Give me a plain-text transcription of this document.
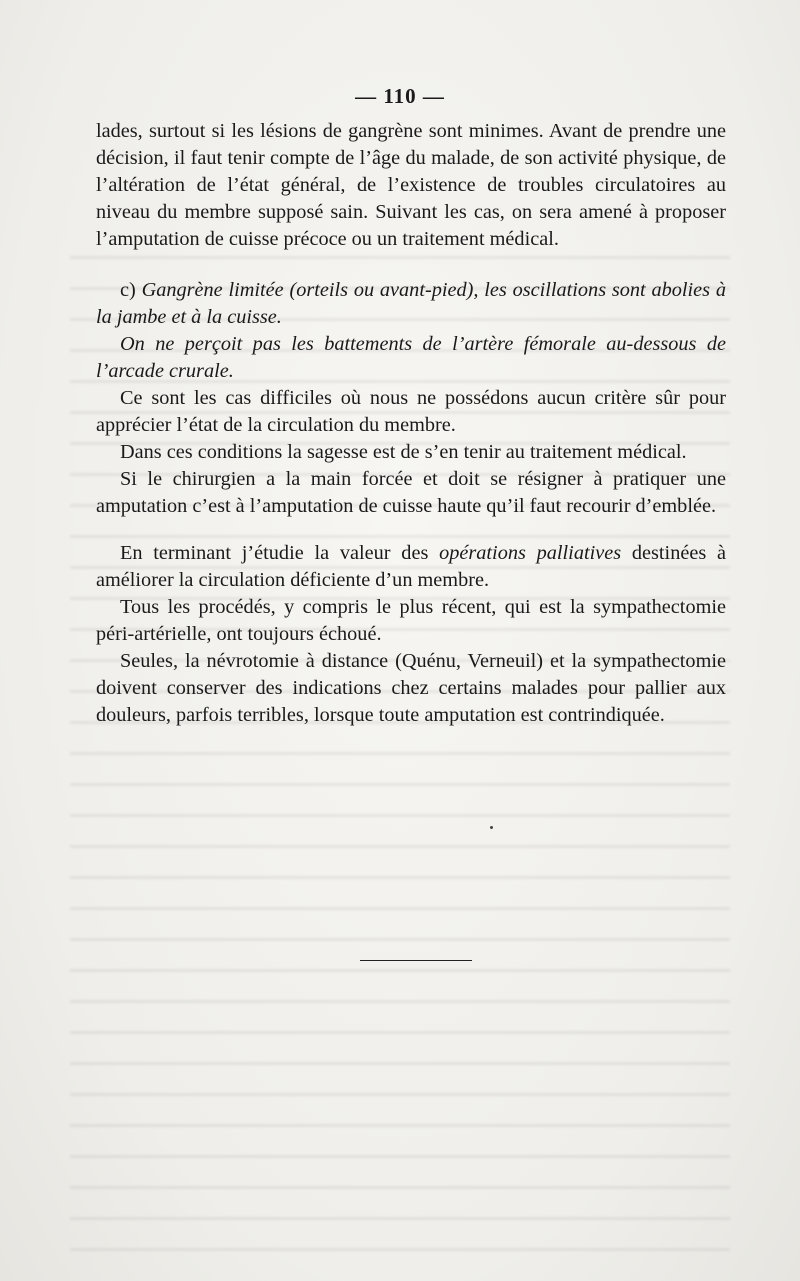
— 110 —

lades, surtout si les lésions de gangrène sont minimes. Avant de prendre une décision, il faut tenir compte de l’âge du malade, de son activité physique, de l’altération de l’état général, de l’existence de troubles circulatoires au niveau du membre supposé sain. Suivant les cas, on sera amené à proposer l’amputation de cuisse précoce ou un traitement médical.

c) Gangrène limitée (orteils ou avant-pied), les oscillations sont abolies à la jambe et à la cuisse.

On ne perçoit pas les battements de l’artère fémorale au-dessous de l’arcade crurale.

Ce sont les cas difficiles où nous ne possédons aucun critère sûr pour apprécier l’état de la circulation du membre.

Dans ces conditions la sagesse est de s’en tenir au traitement médical.

Si le chirurgien a la main forcée et doit se résigner à pratiquer une amputation c’est à l’amputation de cuisse haute qu’il faut recourir d’emblée.

En terminant j’étudie la valeur des opérations palliatives destinées à améliorer la circulation déficiente d’un membre.

Tous les procédés, y compris le plus récent, qui est la sympathectomie péri-artérielle, ont toujours échoué.

Seules, la névrotomie à distance (Quénu, Verneuil) et la sympathectomie doivent conserver des indications chez certains malades pour pallier aux douleurs, parfois terribles, lorsque toute amputation est contrindiquée.
